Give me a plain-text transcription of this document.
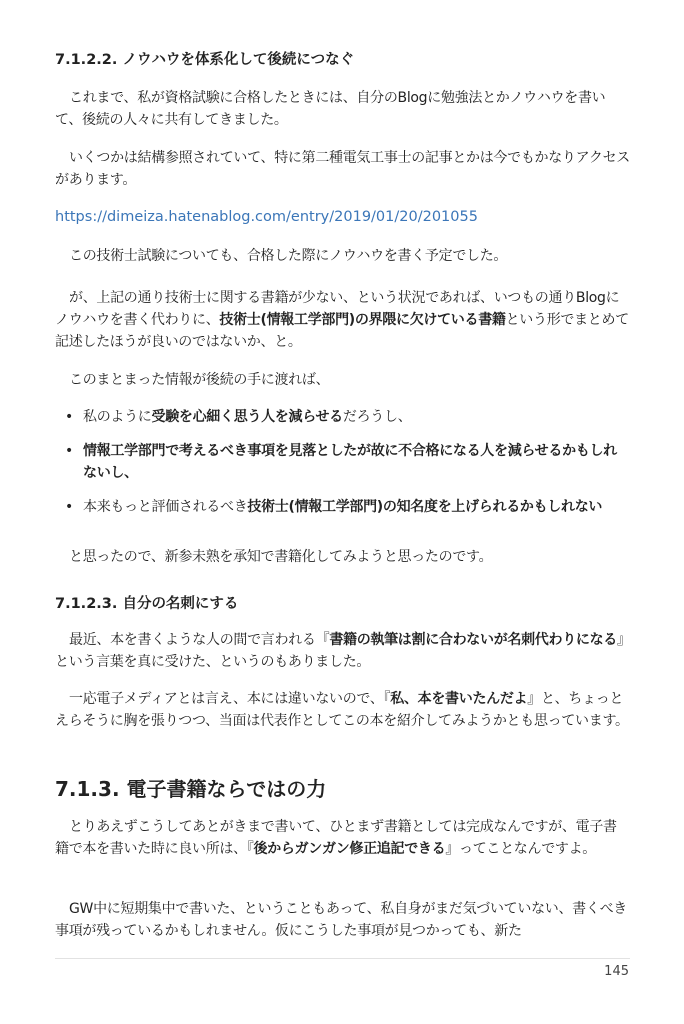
7.1.2.2. ノウハウを体系化して後続につなぐ
これまで、私が資格試験に合格したときには、自分のBlogに勉強法とかノウハウを書いて、後続の人々に共有してきました。
いくつかは結構参照されていて、特に第二種電気工事士の記事とかは今でもかなりアクセスがあります。
https://dimeiza.hatenablog.com/entry/2019/01/20/201055
この技術士試験についても、合格した際にノウハウを書く予定でした。
が、上記の通り技術士に関する書籍が少ない、という状況であれば、いつもの通りBlogにノウハウを書く代わりに、技術士(情報工学部門)の界隈に欠けている書籍という形でまとめて記述したほうが良いのではないか、と。
このまとまった情報が後続の手に渡れば、
• 私のように受験を心細く思う人を減らせるだろうし、
• 情報工学部門で考えるべき事項を見落としたが故に不合格になる人を減らせるかもしれないし、
• 本来もっと評価されるべき技術士(情報工学部門)の知名度を上げられるかもしれない
と思ったので、新参未熟を承知で書籍化してみようと思ったのです。
7.1.2.3. 自分の名刺にする
最近、本を書くような人の間で言われる『書籍の執筆は割に合わないが名刺代わりになる』という言葉を真に受けた、というのもありました。
一応電子メディアとは言え、本には違いないので、『私、本を書いたんだよ』と、ちょっとえらそうに胸を張りつつ、当面は代表作としてこの本を紹介してみようかとも思っています。
7.1.3. 電子書籍ならではの力
とりあえずこうしてあとがきまで書いて、ひとまず書籍としては完成なんですが、電子書籍で本を書いた時に良い所は、『後からガンガン修正追記できる』ってことなんですよ。
GW中に短期集中で書いた、ということもあって、私自身がまだ気づいていない、書くべき事項が残っているかもしれません。仮にこうした事項が見つかっても、新た
145
